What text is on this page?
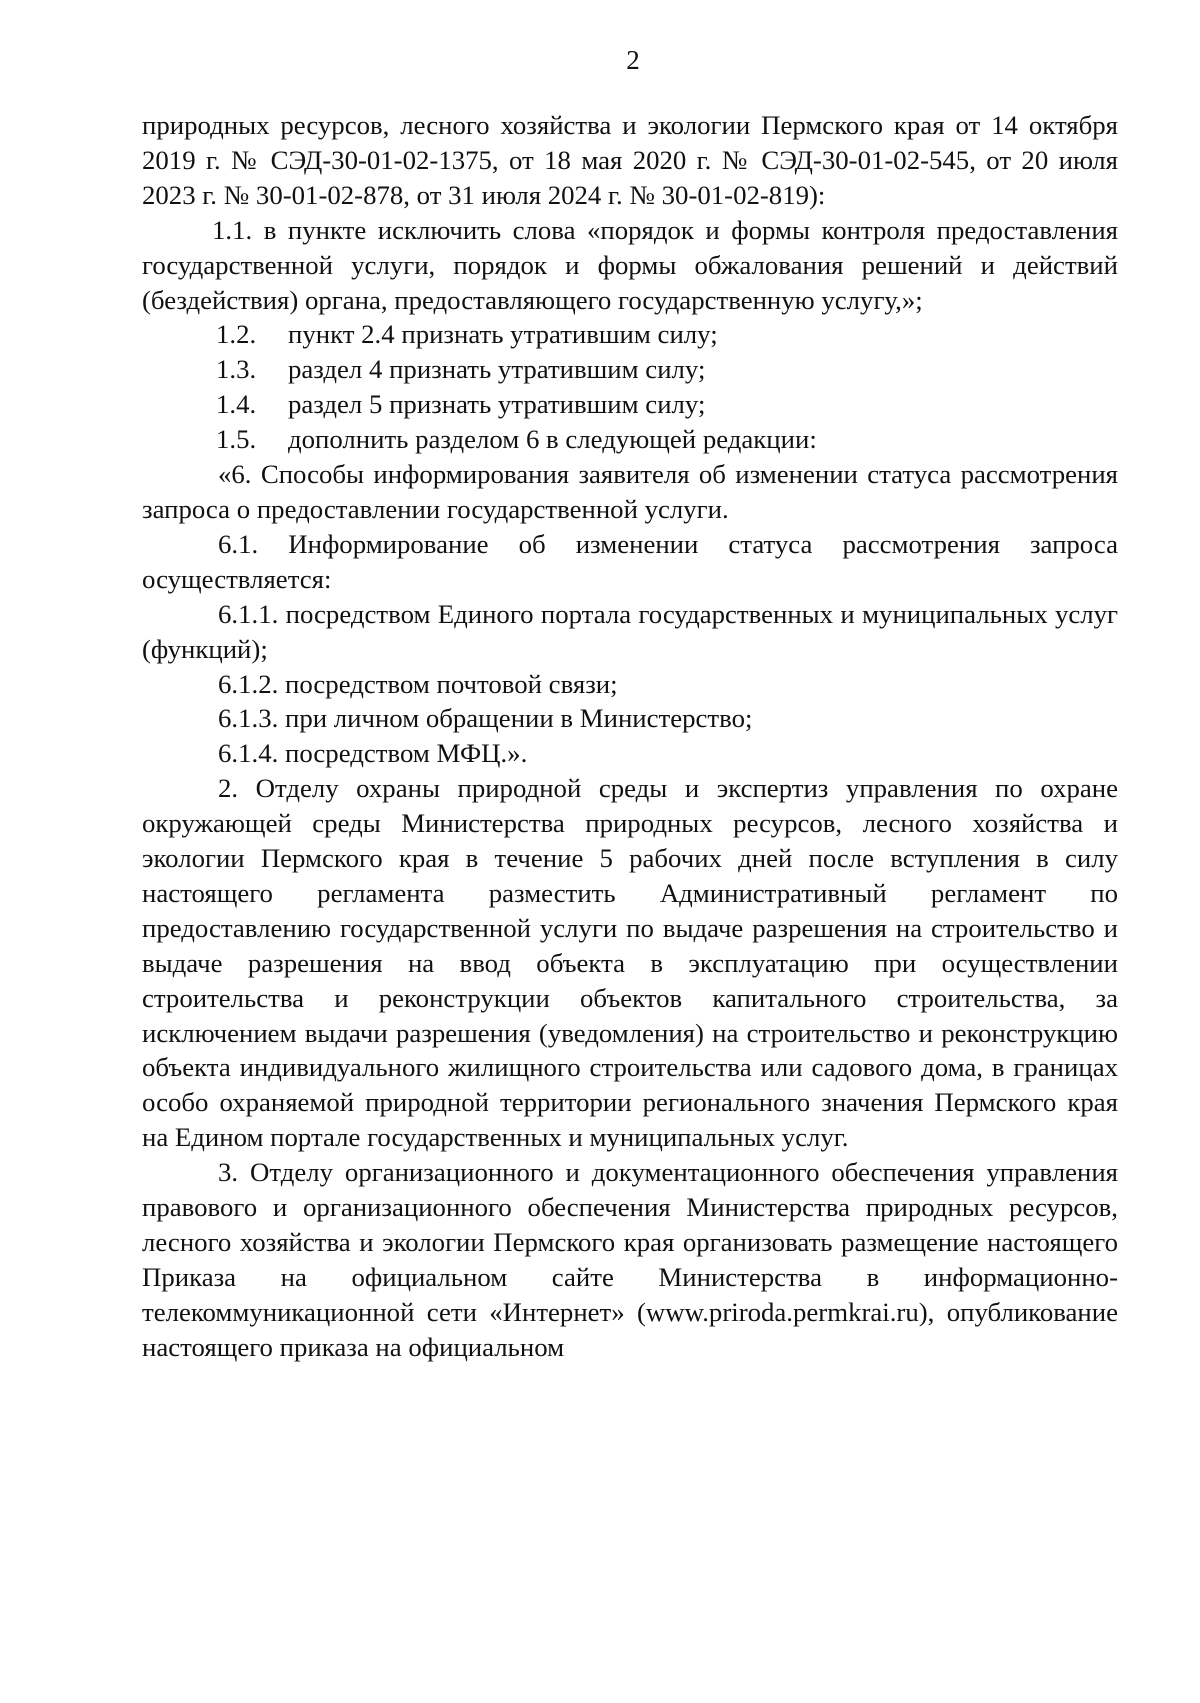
2

природных ресурсов, лесного хозяйства и экологии Пермского края от 14 октября 2019 г. № СЭД-30-01-02-1375, от 18 мая 2020 г. № СЭД-30-01-02-545, от 20 июля 2023 г. № 30-01-02-878, от 31 июля 2024 г. № 30-01-02-819):

1.1. в пункте исключить слова «порядок и формы контроля предоставления государственной услуги, порядок и формы обжалования решений и действий (бездействия) органа, предоставляющего государственную услугу,»;

1.2. пункт 2.4 признать утратившим силу;

1.3. раздел 4 признать утратившим силу;

1.4. раздел 5 признать утратившим силу;

1.5. дополнить разделом 6 в следующей редакции:

«6. Способы информирования заявителя об изменении статуса рассмотрения запроса о предоставлении государственной услуги.

6.1. Информирование об изменении статуса рассмотрения запроса осуществляется:

6.1.1. посредством Единого портала государственных и муниципальных услуг (функций);

6.1.2. посредством почтовой связи;

6.1.3. при личном обращении в Министерство;

6.1.4. посредством МФЦ.».

2. Отделу охраны природной среды и экспертиз управления по охране окружающей среды Министерства природных ресурсов, лесного хозяйства и экологии Пермского края в течение 5 рабочих дней после вступления в силу настоящего регламента разместить Административный регламент по предоставлению государственной услуги по выдаче разрешения на строительство и выдаче разрешения на ввод объекта в эксплуатацию при осуществлении строительства и реконструкции объектов капитального строительства, за исключением выдачи разрешения (уведомления) на строительство и реконструкцию объекта индивидуального жилищного строительства или садового дома, в границах особо охраняемой природной территории регионального значения Пермского края на Едином портале государственных и муниципальных услуг.

3. Отделу организационного и документационного обеспечения управления правового и организационного обеспечения Министерства природных ресурсов, лесного хозяйства и экологии Пермского края организовать размещение настоящего Приказа на официальном сайте Министерства в информационно-телекоммуникационной сети «Интернет» (www.priroda.permkrai.ru), опубликование настоящего приказа на официальном
